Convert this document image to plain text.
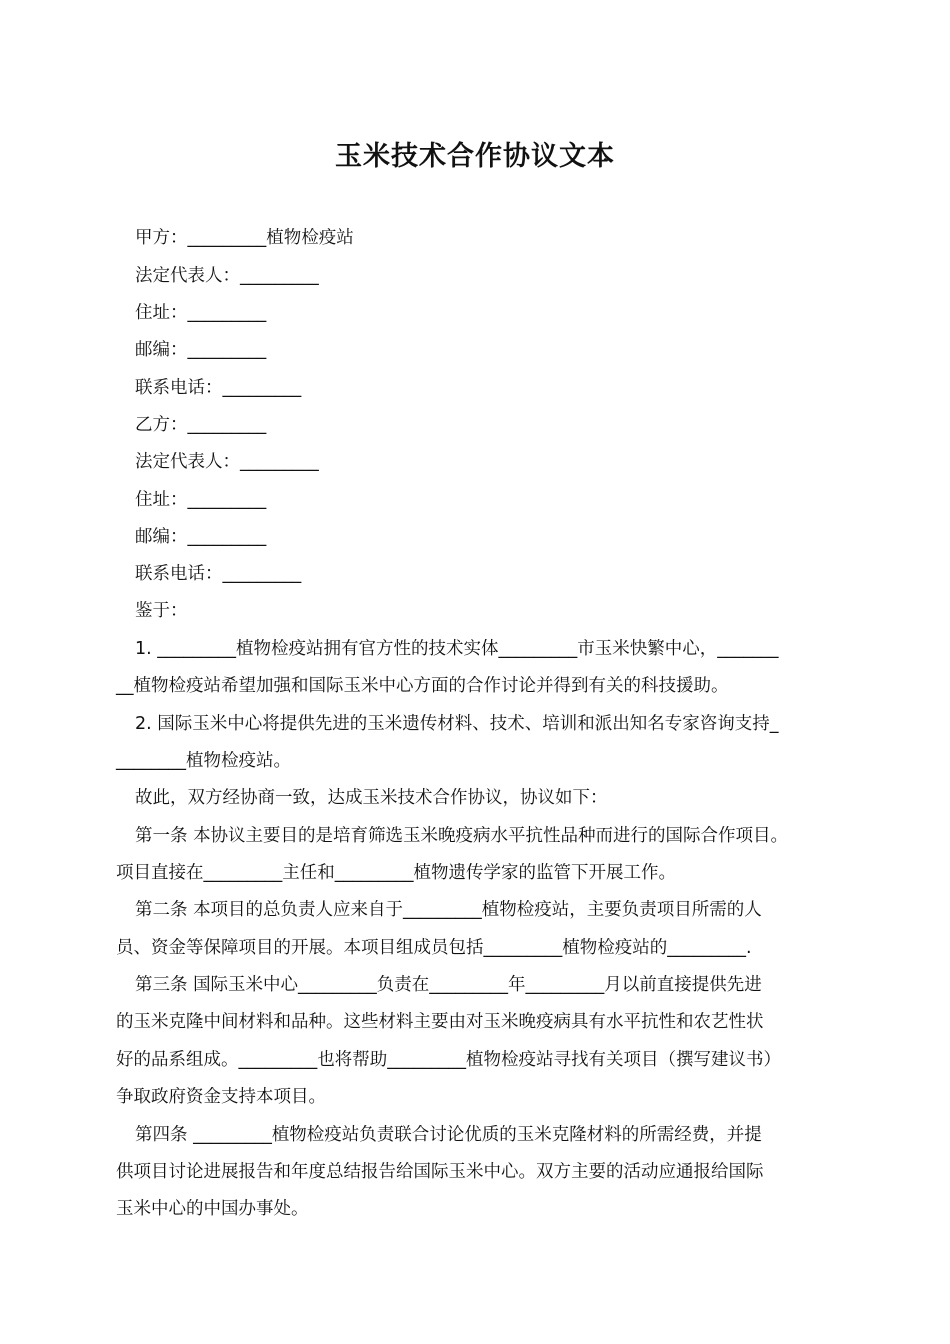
玉米技术合作协议文本
甲方：_________植物检疫站
法定代表人：_________
住址：_________
邮编：_________
联系电话：_________
乙方：_________
法定代表人：_________
住址：_________
邮编：_________
联系电话：_________
鉴于：
1. _________植物检疫站拥有官方性的技术实体_________市玉米快繁中心，_______
__植物检疫站希望加强和国际玉米中心方面的合作讨论并得到有关的科技援助。
2. 国际玉米中心将提供先进的玉米遗传材料、技术、培训和派出知名专家咨询支持_
________植物检疫站。
故此，双方经协商一致，达成玉米技术合作协议，协议如下：
第一条 本协议主要目的是培育筛选玉米晚疫病水平抗性品种而进行的国际合作项目。
项目直接在_________主任和_________植物遗传学家的监管下开展工作。
第二条 本项目的总负责人应来自于_________植物检疫站，主要负责项目所需的人
员、资金等保障项目的开展。本项目组成员包括_________植物检疫站的_________.
第三条 国际玉米中心_________负责在_________年_________月以前直接提供先进
的玉米克隆中间材料和品种。这些材料主要由对玉米晚疫病具有水平抗性和农艺性状
好的品系组成。_________也将帮助_________植物检疫站寻找有关项目（撰写建议书）
争取政府资金支持本项目。
第四条 _________植物检疫站负责联合讨论优质的玉米克隆材料的所需经费，并提
供项目讨论进展报告和年度总结报告给国际玉米中心。双方主要的活动应通报给国际
玉米中心的中国办事处。
